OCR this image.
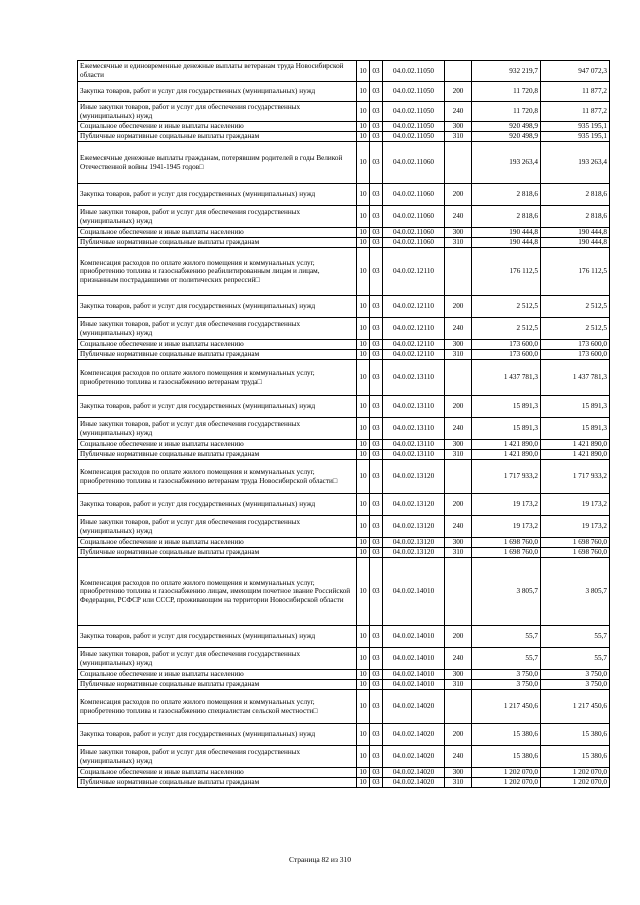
Ежемесячные и единовременные денежные выплаты ветеранам труда Новосибирской области	10	03	04.0.02.11050		932 219,7	947 072,3
Закупка товаров, работ и услуг для государственных (муниципальных) нужд	10	03	04.0.02.11050	200	11 720,8	11 877,2
Иные закупки товаров, работ и услуг для обеспечения государственных (муниципальных) нужд	10	03	04.0.02.11050	240	11 720,8	11 877,2
Социальное обеспечение и иные выплаты населению	10	03	04.0.02.11050	300	920 498,9	935 195,1
Публичные нормативные социальные выплаты гражданам	10	03	04.0.02.11050	310	920 498,9	935 195,1
Ежемесячные денежные выплаты гражданам, потерявшим родителей в годы Великой Отечественной войны 1941-1945 годов□	10	03	04.0.02.11060		193 263,4	193 263,4
Закупка товаров, работ и услуг для государственных (муниципальных) нужд	10	03	04.0.02.11060	200	2 818,6	2 818,6
Иные закупки товаров, работ и услуг для обеспечения государственных (муниципальных) нужд	10	03	04.0.02.11060	240	2 818,6	2 818,6
Социальное обеспечение и иные выплаты населению	10	03	04.0.02.11060	300	190 444,8	190 444,8
Публичные нормативные социальные выплаты гражданам	10	03	04.0.02.11060	310	190 444,8	190 444,8
Компенсация расходов по оплате жилого помещения и коммунальных услуг, приобретению топлива и газоснабжению реабилитированным лицам и лицам, признанным пострадавшими от политических репрессий□	10	03	04.0.02.12110		176 112,5	176 112,5
Закупка товаров, работ и услуг для государственных (муниципальных) нужд	10	03	04.0.02.12110	200	2 512,5	2 512,5
Иные закупки товаров, работ и услуг для обеспечения государственных (муниципальных) нужд	10	03	04.0.02.12110	240	2 512,5	2 512,5
Социальное обеспечение и иные выплаты населению	10	03	04.0.02.12110	300	173 600,0	173 600,0
Публичные нормативные социальные выплаты гражданам	10	03	04.0.02.12110	310	173 600,0	173 600,0
Компенсация расходов по оплате жилого помещения и коммунальных услуг, приобретению топлива и газоснабжению ветеранам труда□	10	03	04.0.02.13110		1 437 781,3	1 437 781,3
Закупка товаров, работ и услуг для государственных (муниципальных) нужд	10	03	04.0.02.13110	200	15 891,3	15 891,3
Иные закупки товаров, работ и услуг для обеспечения государственных (муниципальных) нужд	10	03	04.0.02.13110	240	15 891,3	15 891,3
Социальное обеспечение и иные выплаты населению	10	03	04.0.02.13110	300	1 421 890,0	1 421 890,0
Публичные нормативные социальные выплаты гражданам	10	03	04.0.02.13110	310	1 421 890,0	1 421 890,0
Компенсация расходов по оплате жилого помещения и коммунальных услуг, приобретению топлива и газоснабжению ветеранам труда Новосибирской области□	10	03	04.0.02.13120		1 717 933,2	1 717 933,2
Закупка товаров, работ и услуг для государственных (муниципальных) нужд	10	03	04.0.02.13120	200	19 173,2	19 173,2
Иные закупки товаров, работ и услуг для обеспечения государственных (муниципальных) нужд	10	03	04.0.02.13120	240	19 173,2	19 173,2
Социальное обеспечение и иные выплаты населению	10	03	04.0.02.13120	300	1 698 760,0	1 698 760,0
Публичные нормативные социальные выплаты гражданам	10	03	04.0.02.13120	310	1 698 760,0	1 698 760,0
Компенсация расходов по оплате жилого помещения и коммунальных услуг, приобретению топлива и газоснабжению лицам, имеющим почетное звание Российской Федерации, РСФСР или СССР, проживающим на территории Новосибирской области	10	03	04.0.02.14010		3 805,7	3 805,7
Закупка товаров, работ и услуг для государственных (муниципальных) нужд	10	03	04.0.02.14010	200	55,7	55,7
Иные закупки товаров, работ и услуг для обеспечения государственных (муниципальных) нужд	10	03	04.0.02.14010	240	55,7	55,7
Социальное обеспечение и иные выплаты населению	10	03	04.0.02.14010	300	3 750,0	3 750,0
Публичные нормативные социальные выплаты гражданам	10	03	04.0.02.14010	310	3 750,0	3 750,0
Компенсация расходов по оплате жилого помещения и коммунальных услуг, приобретению топлива и газоснабжению специалистам сельской местности□	10	03	04.0.02.14020		1 217 450,6	1 217 450,6
Закупка товаров, работ и услуг для государственных (муниципальных) нужд	10	03	04.0.02.14020	200	15 380,6	15 380,6
Иные закупки товаров, работ и услуг для обеспечения государственных (муниципальных) нужд	10	03	04.0.02.14020	240	15 380,6	15 380,6
Социальное обеспечение и иные выплаты населению	10	03	04.0.02.14020	300	1 202 070,0	1 202 070,0
Публичные нормативные социальные выплаты гражданам	10	03	04.0.02.14020	310	1 202 070,0	1 202 070,0
Страница 82 из 310
